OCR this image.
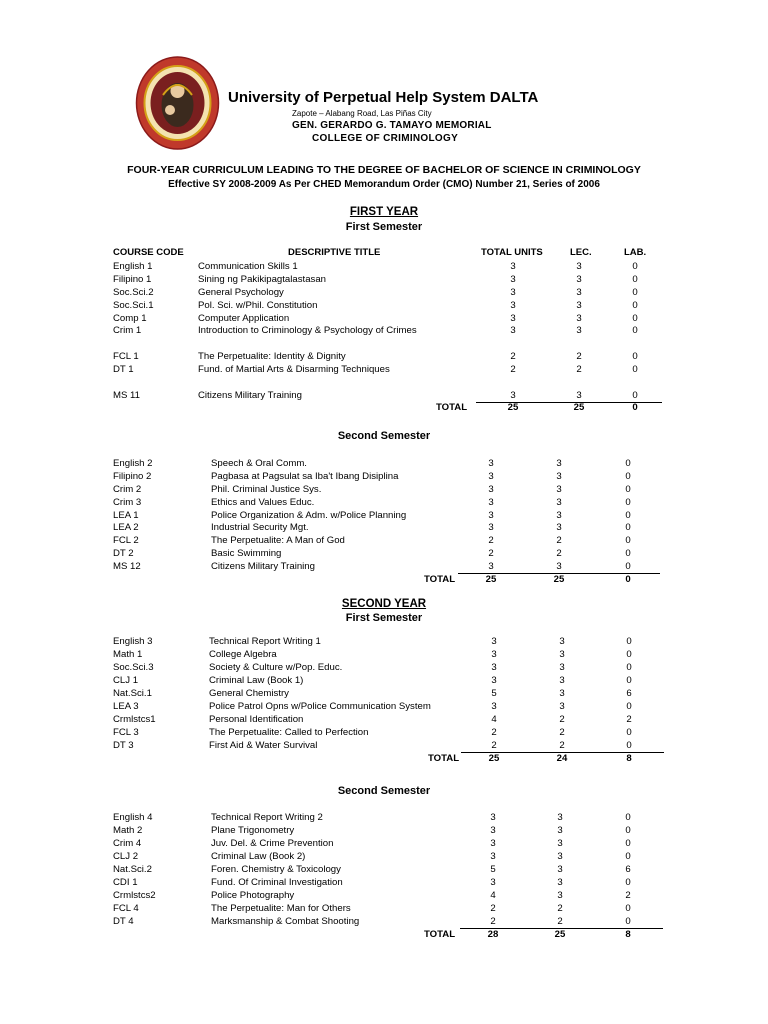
University of Perpetual Help System DALTA
Zapote – Alabang Road, Las Piñas City
GEN. GERARDO G. TAMAYO MEMORIAL
COLLEGE OF CRIMINOLOGY
FOUR-YEAR CURRICULUM LEADING TO THE DEGREE OF BACHELOR OF SCIENCE IN CRIMINOLOGY
Effective SY 2008-2009 As Per CHED Memorandum Order (CMO) Number 21, Series of 2006
FIRST YEAR
First Semester
COURSE CODE	DESCRIPTIVE TITLE	TOTAL UNITS	LEC.	LAB.
English 1	Communication Skills 1	3	3	0
Filipino 1	Sining ng Pakikipagtalastasan	3	3	0
Soc.Sci.2	General Psychology	3	3	0
Soc.Sci.1	Pol. Sci. w/Phil. Constitution	3	3	0
Comp 1	Computer Application	3	3	0
Crim 1	Introduction to Criminology & Psychology of Crimes	3	3	0
FCL 1	The Perpetualite: Identity & Dignity	2	2	0
DT 1	Fund. of Martial Arts & Disarming Techniques	2	2	0
MS 11	Citizens Military Training	3	3	0
TOTAL	25	25	0
Second Semester
English 2	Speech & Oral Comm.	3	3	0
Filipino 2	Pagbasa at Pagsulat sa Iba't Ibang Disiplina	3	3	0
Crim 2	Phil. Criminal Justice Sys.	3	3	0
Crim 3	Ethics and Values Educ.	3	3	0
LEA 1	Police Organization & Adm. w/Police Planning	3	3	0
LEA 2	Industrial Security Mgt.	3	3	0
FCL 2	The Perpetualite: A Man of God	2	2	0
DT 2	Basic Swimming	2	2	0
MS 12	Citizens Military Training	3	3	0
TOTAL	25	25	0
SECOND YEAR
First Semester
English 3	Technical Report Writing 1	3	3	0
Math 1	College Algebra	3	3	0
Soc.Sci.3	Society & Culture w/Pop. Educ.	3	3	0
CLJ 1	Criminal Law (Book 1)	3	3	0
Nat.Sci.1	General Chemistry	5	3	6
LEA 3	Police Patrol Opns w/Police Communication System	3	3	0
Crmlstcs1	Personal Identification	4	2	2
FCL 3	The Perpetualite: Called to Perfection	2	2	0
DT 3	First Aid & Water Survival	2	2	0
TOTAL	25	24	8
Second Semester
English 4	Technical Report Writing 2	3	3	0
Math 2	Plane Trigonometry	3	3	0
Crim 4	Juv. Del. & Crime Prevention	3	3	0
CLJ 2	Criminal Law (Book 2)	3	3	0
Nat.Sci.2	Foren. Chemistry & Toxicology	5	3	6
CDI 1	Fund. Of Criminal Investigation	3	3	0
Crmlstcs2	Police Photography	4	3	2
FCL 4	The Perpetualite: Man for Others	2	2	0
DT 4	Marksmanship & Combat Shooting	2	2	0
TOTAL	28	25	8
